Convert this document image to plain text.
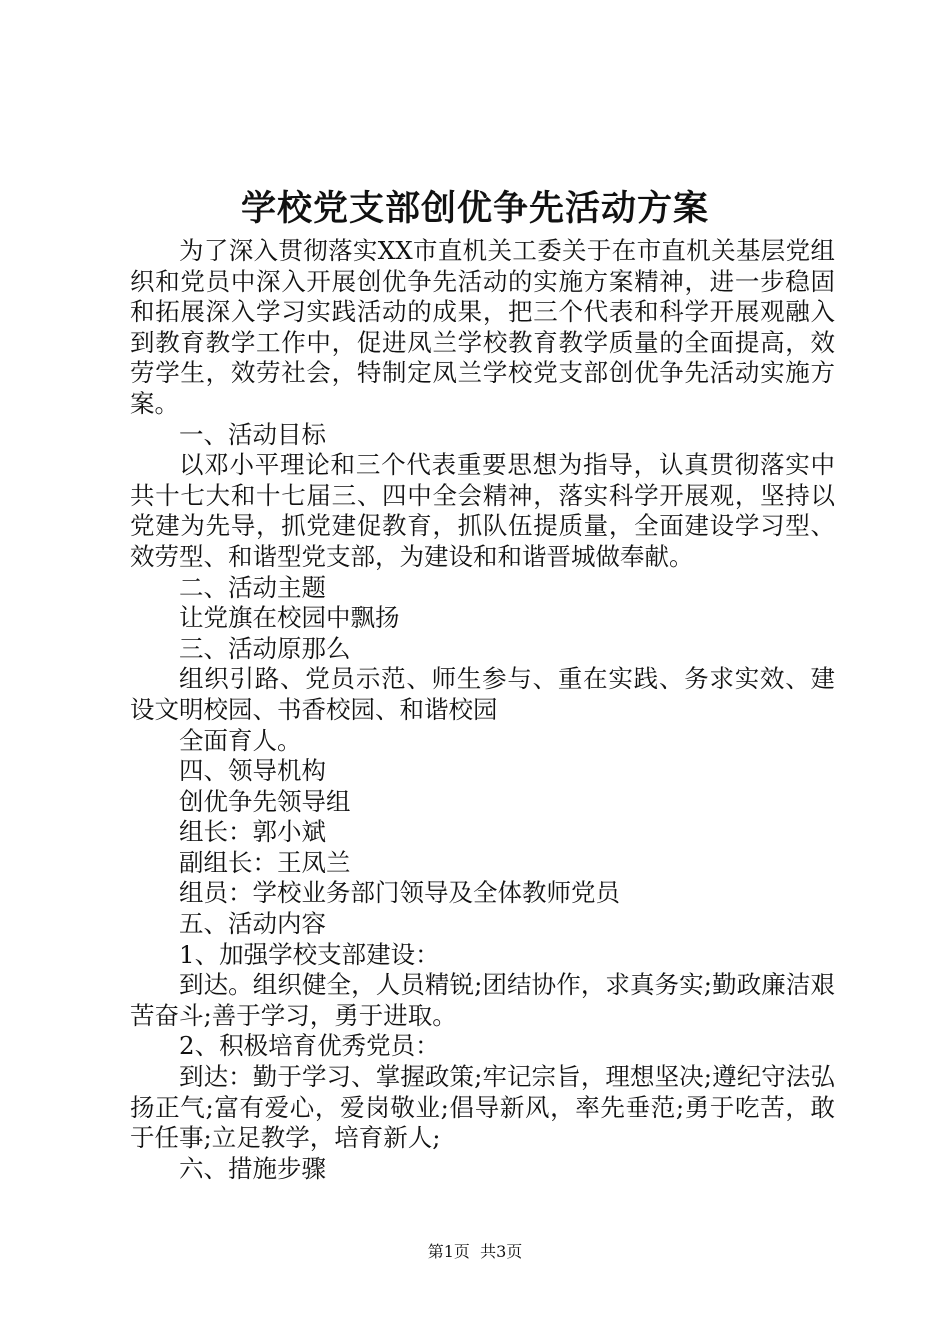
学校党支部创优争先活动方案

为了深入贯彻落实XX市直机关工委关于在市直机关基层党组织和党员中深入开展创优争先活动的实施方案精神，进一步稳固和拓展深入学习实践活动的成果，把三个代表和科学开展观融入到教育教学工作中，促进凤兰学校教育教学质量的全面提高，效劳学生，效劳社会，特制定凤兰学校党支部创优争先活动实施方案。

一、活动目标

以邓小平理论和三个代表重要思想为指导，认真贯彻落实中共十七大和十七届三、四中全会精神，落实科学开展观，坚持以党建为先导，抓党建促教育，抓队伍提质量，全面建设学习型、效劳型、和谐型党支部，为建设和和谐晋城做奉献。

二、活动主题

让党旗在校园中飘扬

三、活动原那么

组织引路、党员示范、师生参与、重在实践、务求实效、建设文明校园、书香校园、和谐校园

全面育人。

四、领导机构

创优争先领导组

组长：郭小斌

副组长：王凤兰

组员：学校业务部门领导及全体教师党员

五、活动内容

1、加强学校支部建设：

到达。组织健全，人员精锐;团结协作，求真务实;勤政廉洁艰苦奋斗;善于学习，勇于进取。

2、积极培育优秀党员：

到达：勤于学习、掌握政策;牢记宗旨，理想坚决;遵纪守法弘扬正气;富有爱心，爱岗敬业;倡导新风，率先垂范;勇于吃苦，敢于任事;立足教学，培育新人;

六、措施步骤

第1页 共3页
